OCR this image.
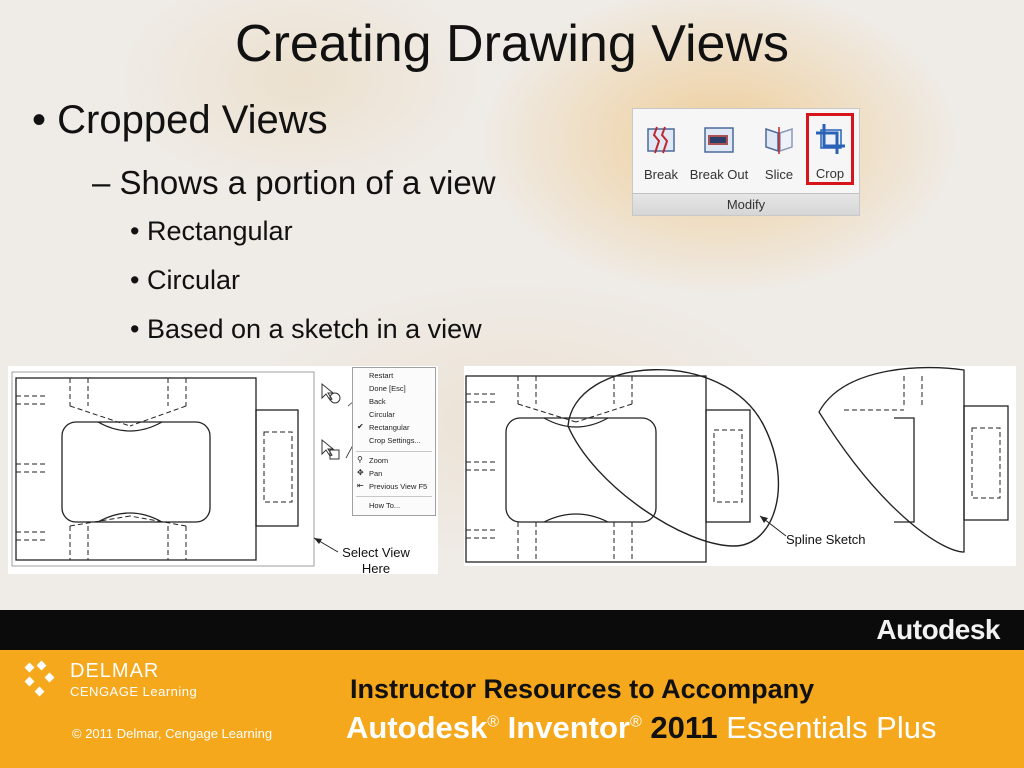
Creating Drawing Views
• Cropped Views
– Shows a portion of a view
• Rectangular
• Circular
• Based on a sketch in a view
Break Break Out	Slice	Crop
Modify
Restart
Done [Esc]
Back
Circular
Rectangular
✔
Crop Settings...
Zoom
⚲
Pan
✥
Previous View F5
⇤
How To...
Select View Here
Spline Sketch
Autodesk
DELMAR
CENGAGE Learning
© 2011 Delmar, Cengage Learning
Instructor Resources to Accompany
Autodesk® Inventor® 2011 Essentials Plus
